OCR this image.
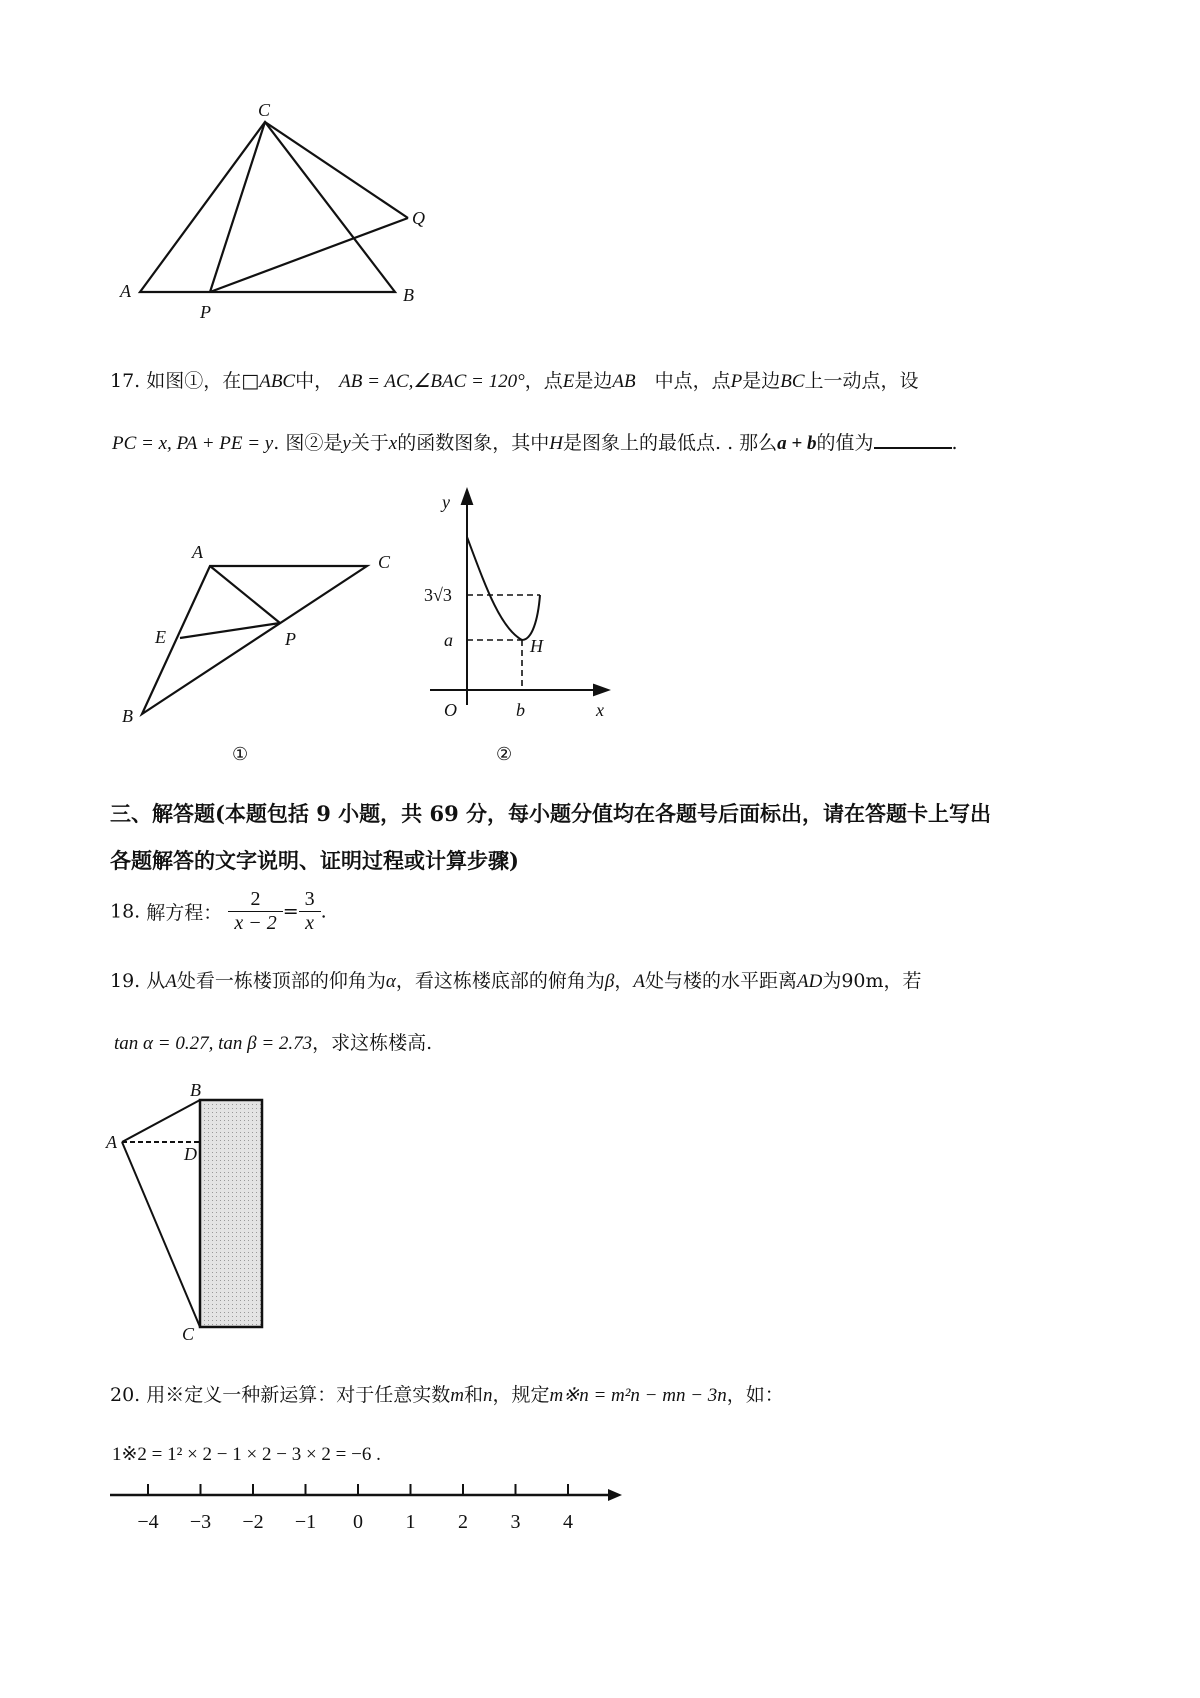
C
A	B
P
Q
17. 如图①，在□ABC中， AB = AC,∠BAC = 120°，点E是边AB　中点，点P是边BC上一动点，设
PC = x, PA + PE = y. 图②是y关于x的函数图象，其中H是图象上的最低点. . 那么a + b的值为	.
A	C
E	P
B
①
y
x
O	b
a	H
3√3
②
三、解答题(本题包括 9 小题，共 69 分，每小题分值均在各题号后面标出，请在答题卡上写出
各题解答的文字说明、证明过程或计算步骤)
18. 解方程： $\frac{2}{x - 2} = \frac{3}{x}$ .
19. 从A处看一栋楼顶部的仰角为α，看这栋楼底部的俯角为β，A处与楼的水平距离AD为90m，若
tan α = 0.27, tan β = 2.73，求这栋楼高.
A
B
D
C
20. 用※定义一种新运算：对于任意实数m和n，规定m※n = m²n − mn − 3n，如：
1※2 = 1² × 2 − 1 × 2 − 3 × 2 = −6 .
−4 −3 −2 −1 0 1 2 3 4
